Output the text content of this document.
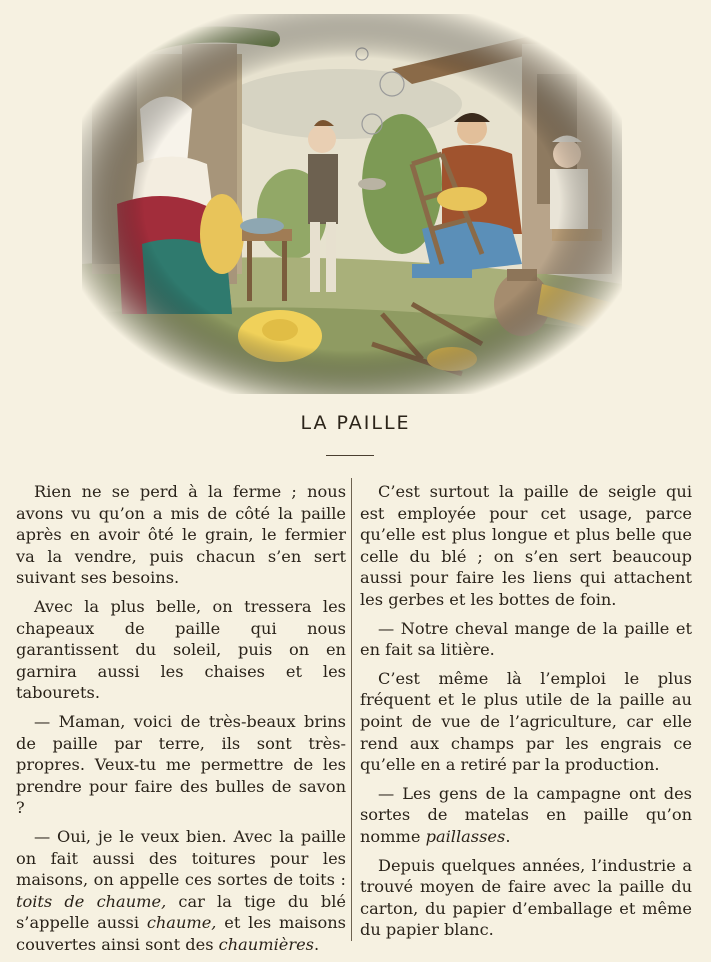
LA PAILLE

Rien ne se perd à la ferme ; nous avons vu qu’on a mis de côté la paille après en avoir ôté le grain, le fermier va la vendre, puis chacun s’en sert suivant ses besoins.

Avec la plus belle, on tressera les chapeaux de paille qui nous garantissent du soleil, puis on en garnira aussi les chaises et les tabourets.

— Maman, voici de très-beaux brins de paille par terre, ils sont très-propres. Veux-tu me permettre de les prendre pour faire des bulles de savon ?

— Oui, je le veux bien. Avec la paille on fait aussi des toitures pour les maisons, on appelle ces sortes de toits : toits de chaume, car la tige du blé s’appelle aussi chaume, et les maisons couvertes ainsi sont des chaumières.

C’est surtout la paille de seigle qui est employée pour cet usage, parce qu’elle est plus longue et plus belle que celle du blé ; on s’en sert beaucoup aussi pour faire les liens qui attachent les gerbes et les bottes de foin.

— Notre cheval mange de la paille et en fait sa litière.

C’est même là l’emploi le plus fréquent et le plus utile de la paille au point de vue de l’agriculture, car elle rend aux champs par les engrais ce qu’elle en a retiré par la production.

— Les gens de la campagne ont des sortes de matelas en paille qu’on nomme paillasses.

Depuis quelques années, l’industrie a trouvé moyen de faire avec la paille du carton, du papier d’emballage et même du papier blanc.
